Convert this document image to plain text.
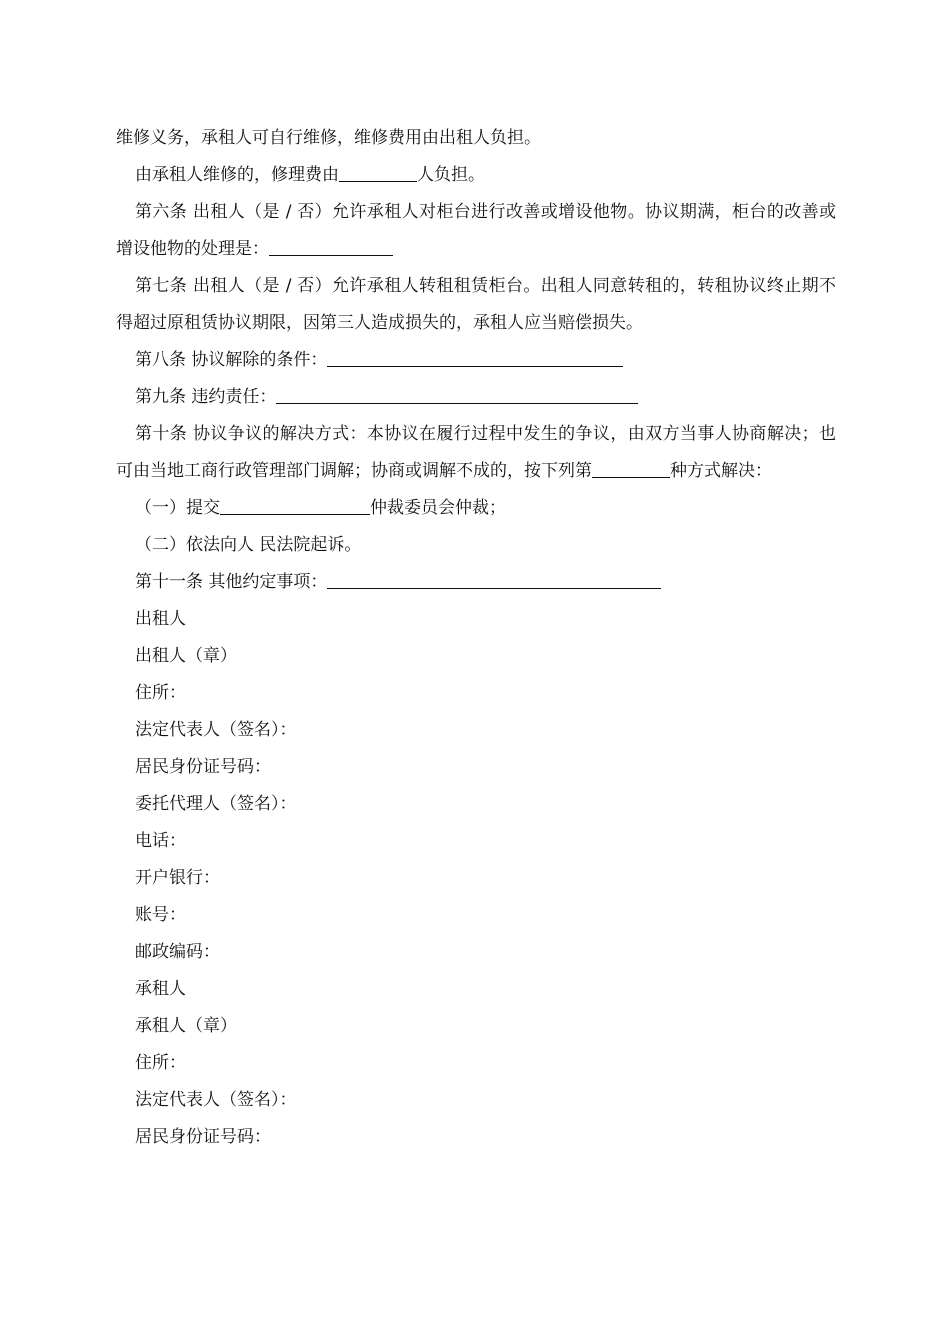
维修义务，承租人可自行维修，维修费用由出租人负担。

由承租人维修的，修理费由	人负担。

第六条 出租人（是 / 否）允许承租人对柜台进行改善或增设他物。协议期满，柜台的改善或增设他物的处理是：

第七条 出租人（是 / 否）允许承租人转租租赁柜台。出租人同意转租的，转租协议终止期不得超过原租赁协议期限，因第三人造成损失的，承租人应当赔偿损失。

第八条 协议解除的条件：

第九条 违约责任：

第十条 协议争议的解决方式：本协议在履行过程中发生的争议，由双方当事人协商解决；也可由当地工商行政管理部门调解；协商或调解不成的，按下列第	种方式解决：

（一）提交	仲裁委员会仲裁；

（二）依法向人 民法院起诉。

第十一条 其他约定事项：

出租人

出租人（章）

住所：

法定代表人（签名）：

居民身份证号码：

委托代理人（签名）：

电话：

开户银行：

账号：

邮政编码：

承租人

承租人（章）

住所：

法定代表人（签名）：

居民身份证号码：
